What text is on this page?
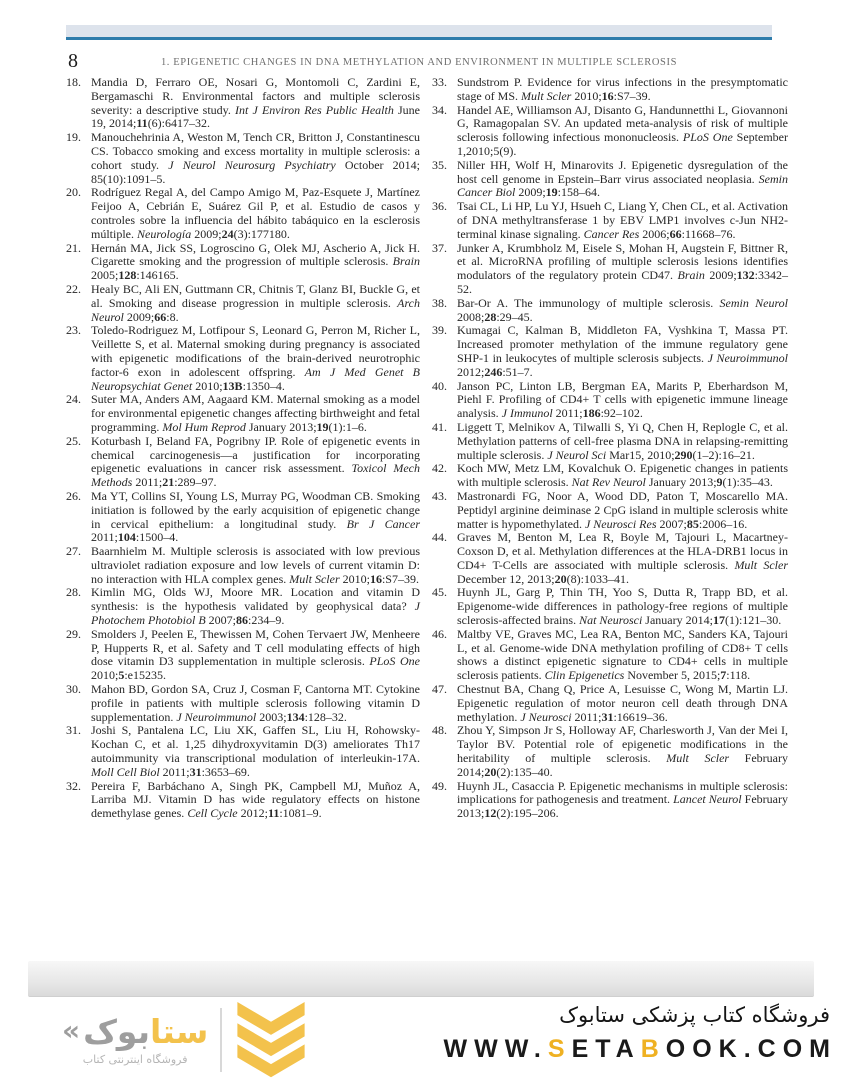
8	1. EPIGENETIC CHANGES IN DNA METHYLATION AND ENVIRONMENT IN MULTIPLE SCLEROSIS
18. Mandia D, Ferraro OE, Nosari G, Montomoli C, Zardini E, Bergamaschi R. Environmental factors and multiple sclerosis severity: a descriptive study. Int J Environ Res Public Health June 19, 2014;11(6):6417–32.
19. Manouchehrinia A, Weston M, Tench CR, Britton J, Constantinescu CS. Tobacco smoking and excess mortality in multiple sclerosis: a cohort study. J Neurol Neurosurg Psychiatry October 2014; 85(10):1091–5.
20. Rodríguez Regal A, del Campo Amigo M, Paz-Esquete J, Martínez Feijoo A, Cebrián E, Suárez Gil P, et al. Estudio de casos y controles sobre la influencia del hábito tabáquico en la esclerosis múltiple. Neurología 2009;24(3):177180.
21. Hernán MA, Jick SS, Logroscino G, Olek MJ, Ascherio A, Jick H. Cigarette smoking and the progression of multiple sclerosis. Brain 2005;128:146165.
22. Healy BC, Ali EN, Guttmann CR, Chitnis T, Glanz BI, Buckle G, et al. Smoking and disease progression in multiple sclerosis. Arch Neurol 2009;66:8.
23. Toledo-Rodriguez M, Lotfipour S, Leonard G, Perron M, Richer L, Veillette S, et al. Maternal smoking during pregnancy is associated with epigenetic modifications of the brain-derived neurotrophic factor-6 exon in adolescent offspring. Am J Med Genet B Neuropsychiat Genet 2010;13B:1350–4.
24. Suter MA, Anders AM, Aagaard KM. Maternal smoking as a model for environmental epigenetic changes affecting birthweight and fetal programming. Mol Hum Reprod January 2013;19(1):1–6.
25. Koturbash I, Beland FA, Pogribny IP. Role of epigenetic events in chemical carcinogenesis—a justification for incorporating epigenetic evaluations in cancer risk assessment. Toxicol Mech Methods 2011;21:289–97.
26. Ma YT, Collins SI, Young LS, Murray PG, Woodman CB. Smoking initiation is followed by the early acquisition of epigenetic change in cervical epithelium: a longitudinal study. Br J Cancer 2011;104:1500–4.
27. Baarnhielm M. Multiple sclerosis is associated with low previous ultraviolet radiation exposure and low levels of current vitamin D: no interaction with HLA complex genes. Mult Scler 2010;16:S7–39.
28. Kimlin MG, Olds WJ, Moore MR. Location and vitamin D synthesis: is the hypothesis validated by geophysical data? J Photochem Photobiol B 2007;86:234–9.
29. Smolders J, Peelen E, Thewissen M, Cohen Tervaert JW, Menheere P, Hupperts R, et al. Safety and T cell modulating effects of high dose vitamin D3 supplementation in multiple sclerosis. PLoS One 2010;5:e15235.
30. Mahon BD, Gordon SA, Cruz J, Cosman F, Cantorna MT. Cytokine profile in patients with multiple sclerosis following vitamin D supplementation. J Neuroimmunol 2003;134:128–32.
31. Joshi S, Pantalena LC, Liu XK, Gaffen SL, Liu H, Rohowsky-Kochan C, et al. 1,25 dihydroxyvitamin D(3) ameliorates Th17 autoimmunity via transcriptional modulation of interleukin-17A. Moll Cell Biol 2011;31:3653–69.
32. Pereira F, Barbáchano A, Singh PK, Campbell MJ, Muñoz A, Larriba MJ. Vitamin D has wide regulatory effects on histone demethylase genes. Cell Cycle 2012;11:1081–9.
33. Sundstrom P. Evidence for virus infections in the presymptomatic stage of MS. Mult Scler 2010;16:S7–39.
34. Handel AE, Williamson AJ, Disanto G, Handunnetthi L, Giovannoni G, Ramagopalan SV. An updated meta-analysis of risk of multiple sclerosis following infectious mononucleosis. PLoS One September 1,2010;5(9).
35. Niller HH, Wolf H, Minarovits J. Epigenetic dysregulation of the host cell genome in Epstein–Barr virus associated neoplasia. Semin Cancer Biol 2009;19:158–64.
36. Tsai CL, Li HP, Lu YJ, Hsueh C, Liang Y, Chen CL, et al. Activation of DNA methyltransferase 1 by EBV LMP1 involves c-Jun NH2-terminal kinase signaling. Cancer Res 2006;66:11668–76.
37. Junker A, Krumbholz M, Eisele S, Mohan H, Augstein F, Bittner R, et al. MicroRNA profiling of multiple sclerosis lesions identifies modulators of the regulatory protein CD47. Brain 2009;132:3342–52.
38. Bar-Or A. The immunology of multiple sclerosis. Semin Neurol 2008;28:29–45.
39. Kumagai C, Kalman B, Middleton FA, Vyshkina T, Massa PT. Increased promoter methylation of the immune regulatory gene SHP-1 in leukocytes of multiple sclerosis subjects. J Neuroimmunol 2012;246:51–7.
40. Janson PC, Linton LB, Bergman EA, Marits P, Eberhardson M, Piehl F. Profiling of CD4+ T cells with epigenetic immune lineage analysis. J Immunol 2011;186:92–102.
41. Liggett T, Melnikov A, Tilwalli S, Yi Q, Chen H, Replogle C, et al. Methylation patterns of cell-free plasma DNA in relapsing-remitting multiple sclerosis. J Neurol Sci Mar15, 2010;290(1–2):16–21.
42. Koch MW, Metz LM, Kovalchuk O. Epigenetic changes in patients with multiple sclerosis. Nat Rev Neurol January 2013;9(1):35–43.
43. Mastronardi FG, Noor A, Wood DD, Paton T, Moscarello MA. Peptidyl arginine deiminase 2 CpG island in multiple sclerosis white matter is hypomethylated. J Neurosci Res 2007;85:2006–16.
44. Graves M, Benton M, Lea R, Boyle M, Tajouri L, Macartney-Coxson D, et al. Methylation differences at the HLA-DRB1 locus in CD4+ T-Cells are associated with multiple sclerosis. Mult Scler December 12, 2013;20(8):1033–41.
45. Huynh JL, Garg P, Thin TH, Yoo S, Dutta R, Trapp BD, et al. Epigenome-wide differences in pathology-free regions of multiple sclerosis-affected brains. Nat Neurosci January 2014;17(1):121–30.
46. Maltby VE, Graves MC, Lea RA, Benton MC, Sanders KA, Tajouri L, et al. Genome-wide DNA methylation profiling of CD8+ T cells shows a distinct epigenetic signature to CD4+ cells in multiple sclerosis patients. Clin Epigenetics November 5, 2015;7:118.
47. Chestnut BA, Chang Q, Price A, Lesuisse C, Wong M, Martin LJ. Epigenetic regulation of motor neuron cell death through DNA methylation. J Neurosci 2011;31:16619–36.
48. Zhou Y, Simpson Jr S, Holloway AF, Charlesworth J, Van der Mei I, Taylor BV. Potential role of epigenetic modifications in the heritability of multiple sclerosis. Mult Scler February 2014;20(2):135–40.
49. Huynh JL, Casaccia P. Epigenetic mechanisms in multiple sclerosis: implications for pathogenesis and treatment. Lancet Neurol February 2013;12(2):195–206.
« بوک ستا
فروشگاه اینترنتی کتاب
فروشگاه کتاب پزشکی ستابوک
WWW.SETABOOK.COM
